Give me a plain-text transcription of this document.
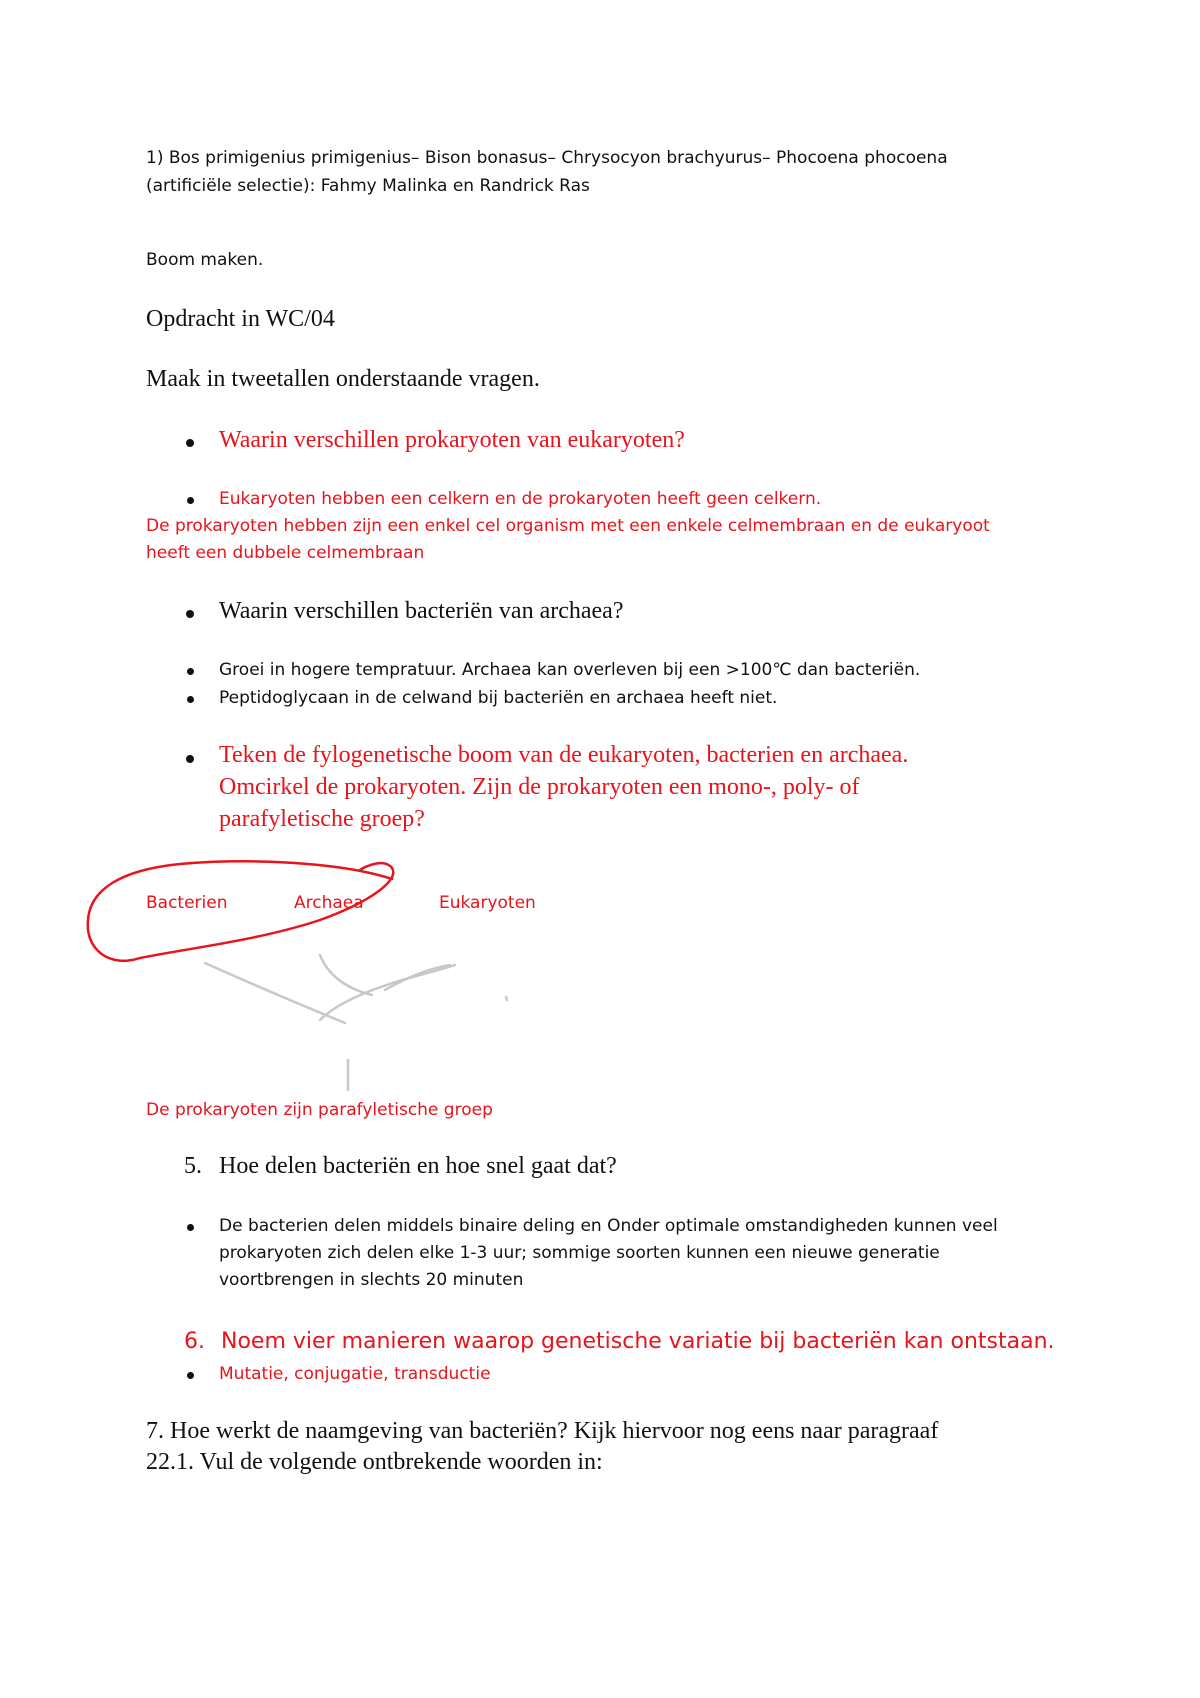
1) Bos primigenius primigenius– Bison bonasus– Chrysocyon brachyurus– Phocoena phocoena
(artificiële selectie): Fahmy Malinka en Randrick Ras
Boom maken.
Opdracht in WC/04
Maak in tweetallen onderstaande vragen.
Waarin verschillen prokaryoten van eukaryoten?
Eukaryoten hebben een celkern en de prokaryoten heeft geen celkern.
De prokaryoten hebben zijn een enkel cel organism met een enkele celmembraan en de eukaryoot
heeft een dubbele celmembraan
Waarin verschillen bacteriën van archaea?
Groei in hogere tempratuur. Archaea kan overleven bij een >100℃ dan bacteriën.
Peptidoglycaan in de celwand bij bacteriën en archaea heeft niet.
Teken de fylogenetische boom van de eukaryoten, bacterien en archaea.
Omcirkel de prokaryoten. Zijn de prokaryoten een mono-, poly- of
parafyletische groep?
Bacterien	Archaea	Eukaryoten
De prokaryoten zijn parafyletische groep
5. Hoe delen bacteriën en hoe snel gaat dat?
De bacterien delen middels binaire deling en Onder optimale omstandigheden kunnen veel
prokaryoten zich delen elke 1-3 uur; sommige soorten kunnen een nieuwe generatie
voortbrengen in slechts 20 minuten
6. Noem vier manieren waarop genetische variatie bij bacteriën kan ontstaan.
Mutatie, conjugatie, transductie
7. Hoe werkt de naamgeving van bacteriën? Kijk hiervoor nog eens naar paragraaf
22.1. Vul de volgende ontbrekende woorden in:
